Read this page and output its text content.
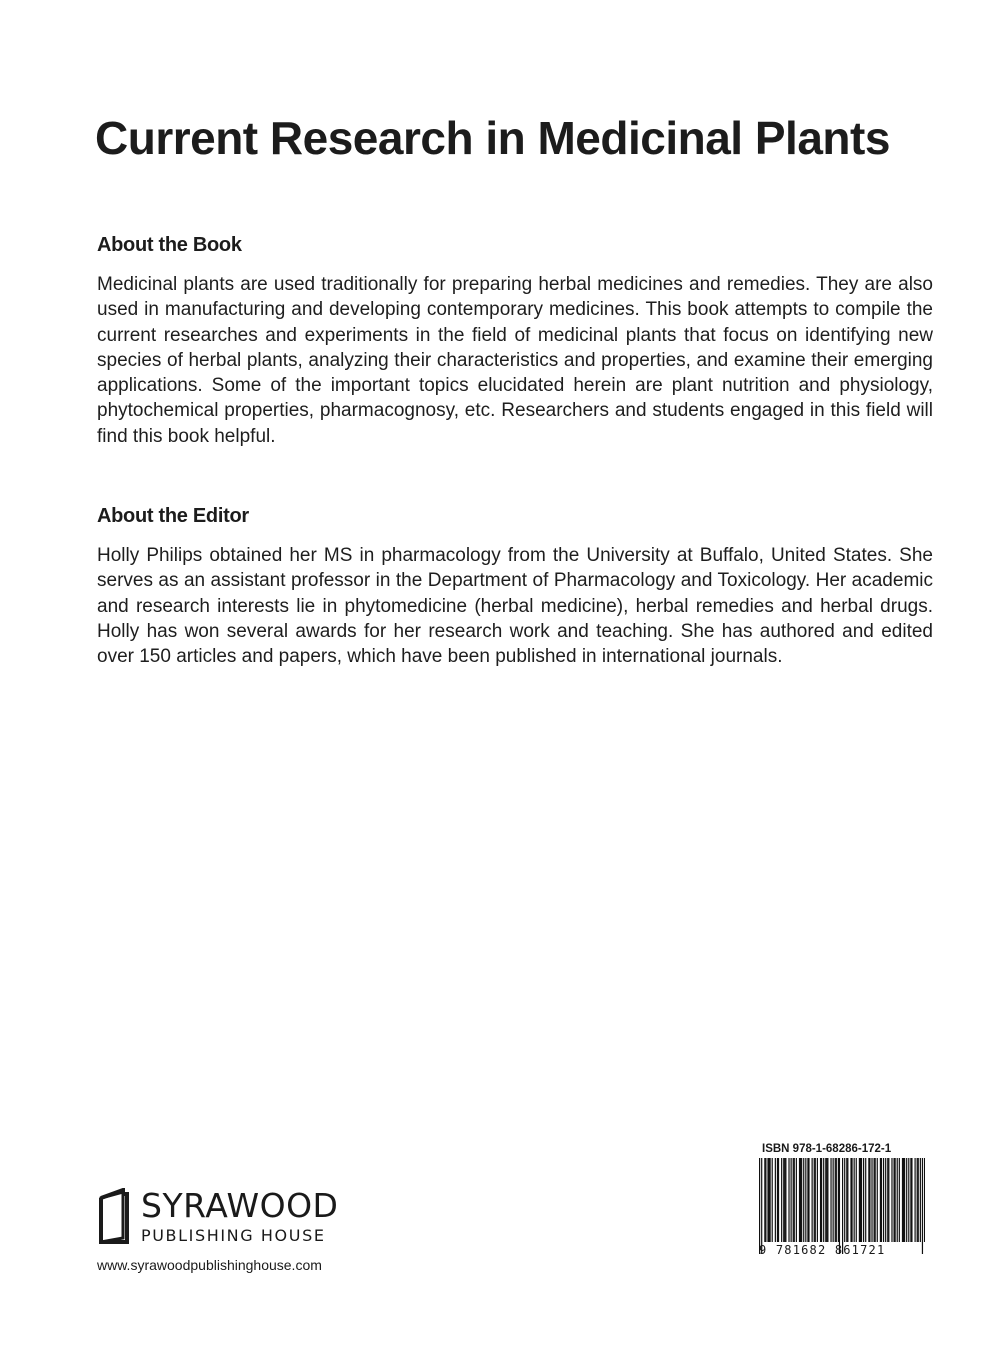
Current Research in Medicinal Plants
About the Book
Medicinal plants are used traditionally for preparing herbal medicines and remedies. They are also used in manufacturing and developing contemporary medicines. This book attempts to compile the current researches and experiments in the field of medicinal plants that focus on identifying new species of herbal plants, analyzing their characteristics and properties, and examine their emerging applications. Some of the important topics elucidated herein are plant nutrition and physiology, phytochemical properties, pharmacognosy, etc. Researchers and students engaged in this field will find this book helpful.
About the Editor
Holly Philips obtained her MS in pharmacology from the University at Buffalo, United States. She serves as an assistant professor in the Department of Pharmacology and Toxicology. Her academic and research interests lie in phytomedicine (herbal medicine), herbal remedies and herbal drugs. Holly has won several awards for her research work and teaching. She has authored and edited over 150 articles and papers, which have been published in international journals.
SYRAWOOD
PUBLISHING HOUSE
www.syrawoodpublishinghouse.com
ISBN 978-1-68286-172-1
9 781682 861721
